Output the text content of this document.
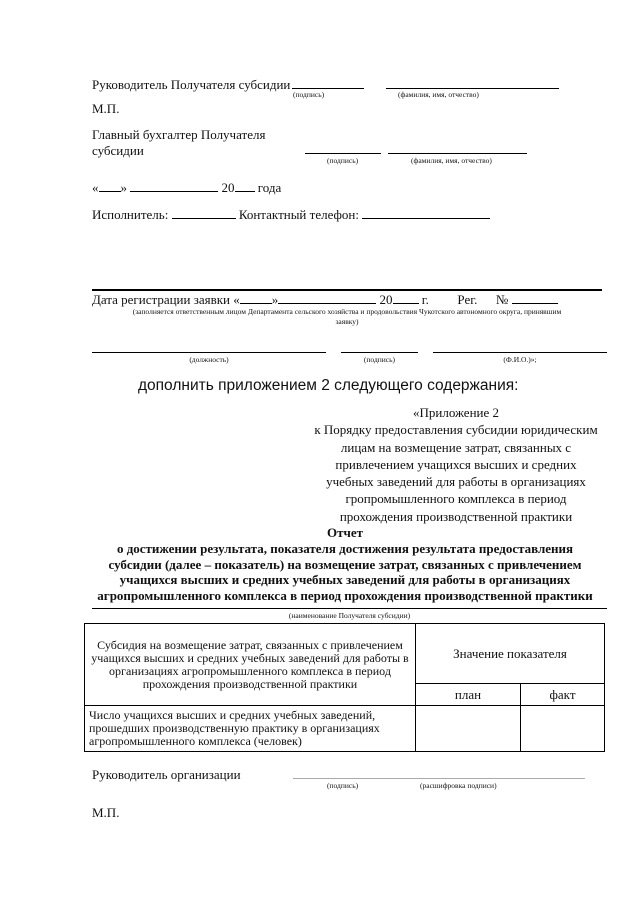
Руководитель Получателя субсидии
(подпись)	(фамилия, имя, отчество)
М.П.
Главный бухгалтер Получателя
субсидии
(подпись)	(фамилия, имя, отчество)
« »	20 года
Исполнитель:	Контактный телефон:
Дата регистрации заявки « »	20 г. Рег. №
(заполняется ответственным лицом Департамента сельского хозяйства и продовольствия Чукотского автономного округа, принявшим
заявку)
(должность)	(подпись)	(Ф.И.О.)»;
дополнить приложением 2 следующего содержания:
«Приложение 2
к Порядку предоставления субсидии юридическим
лицам на возмещение затрат, связанных с
привлечением учащихся высших и средних
учебных заведений для работы в организациях
гропромышленного комплекса в период
прохождения производственной практики
Отчет
о достижении результата, показателя достижения результата предоставления
субсидии (далее – показатель) на возмещение затрат, связанных с привлечением
учащихся высших и средних учебных заведений для работы в организациях
агропромышленного комплекса в период прохождения производственной практики
(наименование Получателя субсидии)
Субсидия на возмещение затрат, связанных с привлечением учащихся высших и средних учебных заведений для работы в организациях агропромышленного комплекса в период прохождения производственной практики	Значение показателя	
	план	факт
Число учащихся высших и средних учебных заведений, прошедших производственную практику в организациях агропромышленного комплекса (человек)		
Руководитель организации
(подпись)	(расшифровка подписи)
М.П.
